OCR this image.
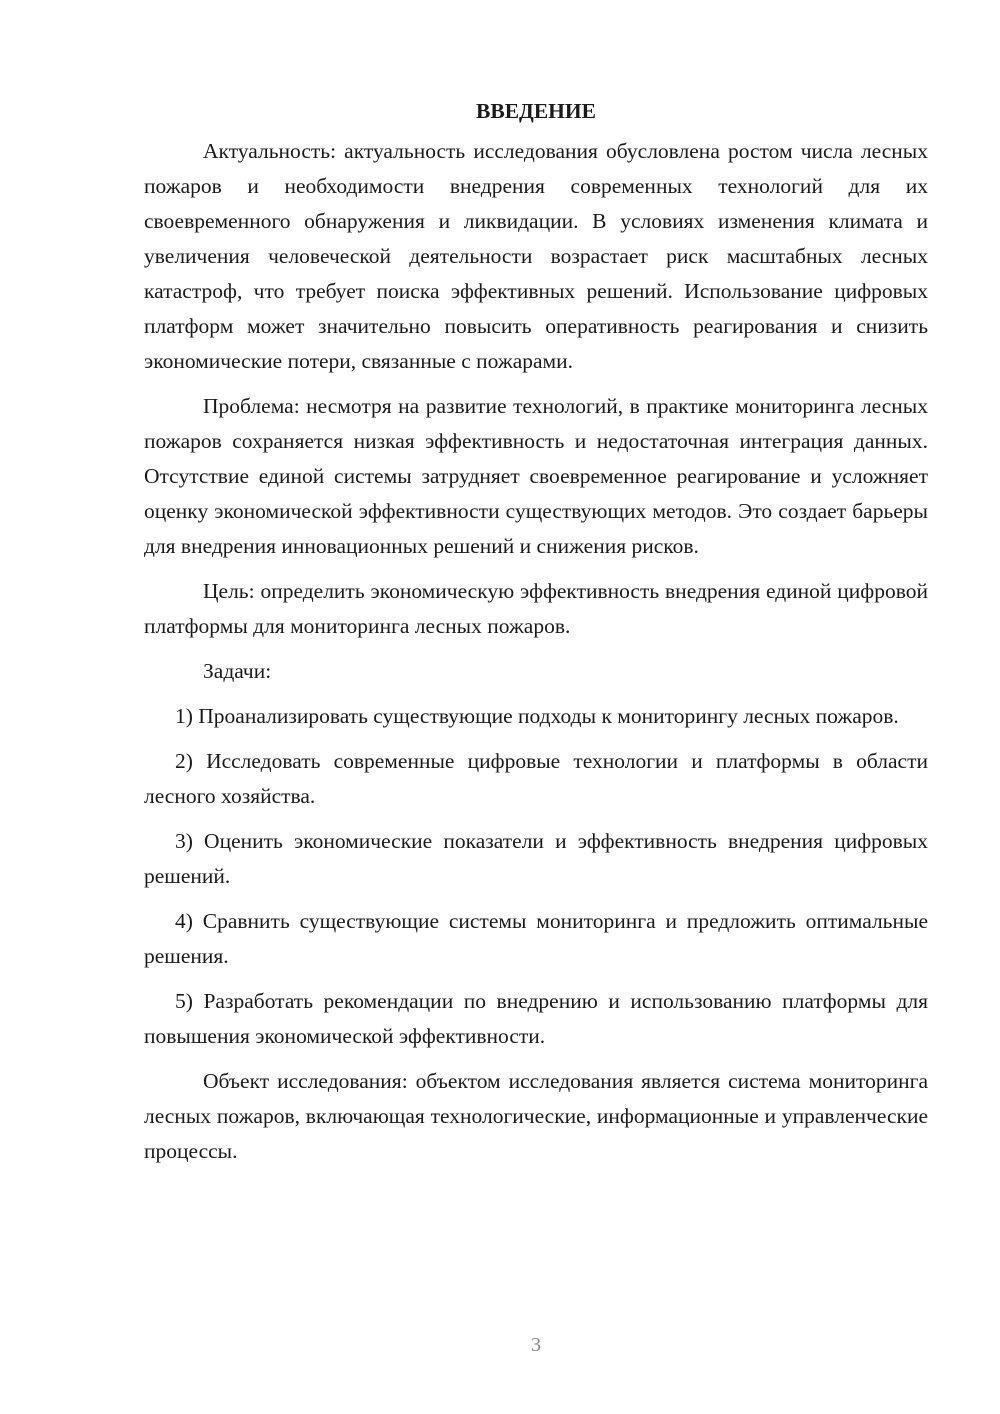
ВВЕДЕНИЕ

Актуальность: актуальность исследования обусловлена ростом числа лесных пожаров и необходимости внедрения современных технологий для их своевременного обнаружения и ликвидации. В условиях изменения климата и увеличения человеческой деятельности возрастает риск масштабных лесных катастроф, что требует поиска эффективных решений. Использование цифровых платформ может значительно повысить оперативность реагирования и снизить экономические потери, связанные с пожарами.

Проблема: несмотря на развитие технологий, в практике мониторинга лесных пожаров сохраняется низкая эффективность и недостаточная интеграция данных. Отсутствие единой системы затрудняет своевременное реагирование и усложняет оценку экономической эффективности существующих методов. Это создает барьеры для внедрения инновационных решений и снижения рисков.

Цель: определить экономическую эффективность внедрения единой цифровой платформы для мониторинга лесных пожаров.

Задачи:

1) Проанализировать существующие подходы к мониторингу лесных пожаров.

2) Исследовать современные цифровые технологии и платформы в области лесного хозяйства.

3) Оценить экономические показатели и эффективность внедрения цифровых решений.

4) Сравнить существующие системы мониторинга и предложить оптимальные решения.

5) Разработать рекомендации по внедрению и использованию платформы для повышения экономической эффективности.

Объект исследования: объектом исследования является система мониторинга лесных пожаров, включающая технологические, информационные и управленческие процессы.

3
